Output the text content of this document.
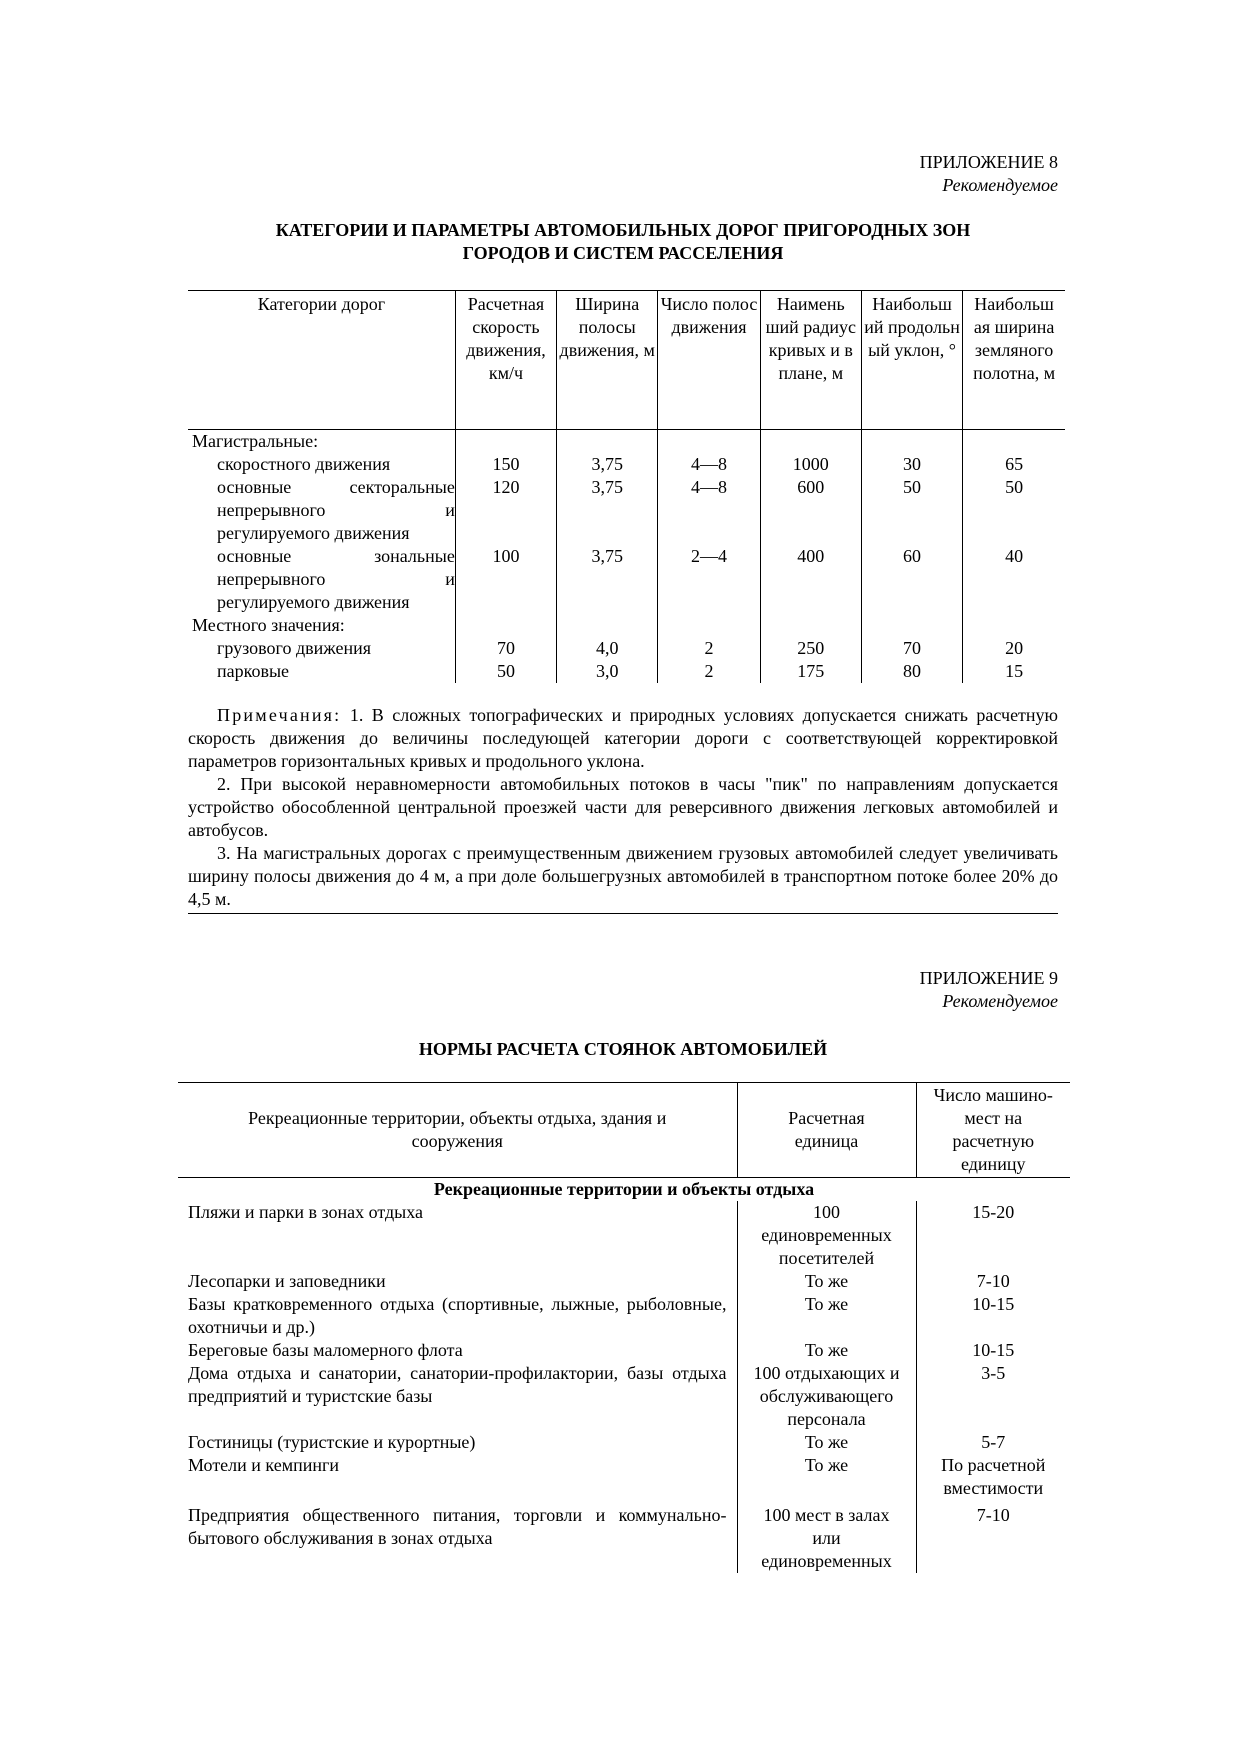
ПРИЛОЖЕНИЕ 8
Рекомендуемое
КАТЕГОРИИ И ПАРАМЕТРЫ АВТОМОБИЛЬНЫХ ДОРОГ ПРИГОРОДНЫХ ЗОН
ГОРОДОВ И СИСТЕМ РАССЕЛЕНИЯ
Категории дорог	Расчетная скорость движения, км/ч	Ширина полосы движения, м	Число полос движения	Наимень ший радиус кривых и в плане, м	Наибольш ий продольн ый уклон, °	Наибольш ая ширина земляного полотна, м
Магистральные:						
скоростного движения	150	3,75	4—8	1000	30	65
основные секторальные непрерывного и регулируемого движения	120	3,75	4—8	600	50	50
основные зональные непрерывного и регулируемого движения	100	3,75	2—4	400	60	40
Местного значения:						
грузового движения	70	4,0	2	250	70	20
парковые	50	3,0	2	175	80	15

Примечания: 1. В сложных топографических и природных условиях допускается снижать расчетную скорость движения до величины последующей категории дороги с соответствующей корректировкой параметров горизонтальных кривых и продольного уклона.

2. При высокой неравномерности автомобильных потоков в часы "пик" по направлениям допускается устройство обособленной центральной проезжей части для реверсивного движения легковых автомобилей и автобусов.

3. На магистральных дорогах с преимущественным движением грузовых автомобилей следует увеличивать ширину полосы движения до 4 м, а при доле большегрузных автомобилей в транспортном потоке более 20% до 4,5 м.

ПРИЛОЖЕНИЕ 9
Рекомендуемое
НОРМЫ РАСЧЕТА СТОЯНОК АВТОМОБИЛЕЙ
Рекреационные территории, объекты отдыха, здания и сооружения	Расчетная единица	Число машино-мест на расчетную единицу
Рекреационные территории и объекты отдыха		
Пляжи и парки в зонах отдыха	100 единовременных посетителей	15-20
Лесопарки и заповедники	То же	7-10
Базы кратковременного отдыха (спортивные, лыжные, рыболовные, охотничьи и др.)	То же	10-15
Береговые базы маломерного флота	То же	10-15
Дома отдыха и санатории, санатории-профилактории, базы отдыха предприятий и туристские базы	100 отдыхающих и обслуживающего персонала	3-5
Гостиницы (туристские и курортные)	То же	5-7
Мотели и кемпинги	То же	По расчетной вместимости
Предприятия общественного питания, торговли и коммунально-бытового обслуживания в зонах отдыха	100 мест в залах или единовременных	7-10
